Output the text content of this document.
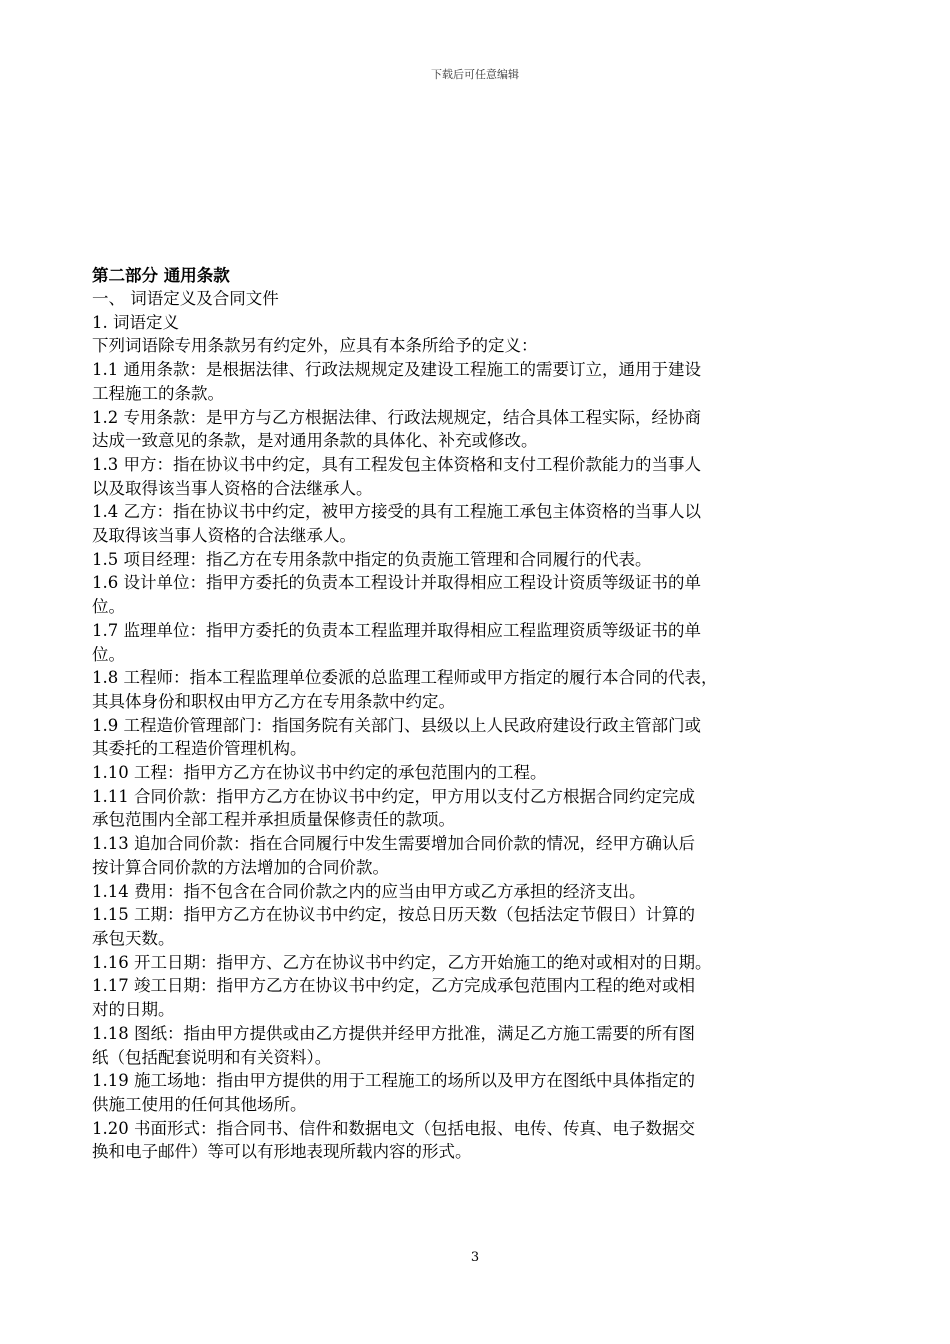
下载后可任意编辑

第二部分 通用条款

一、 词语定义及合同文件

1. 词语定义

下列词语除专用条款另有约定外，应具有本条所给予的定义：

1.1 通用条款：是根据法律、行政法规规定及建设工程施工的需要订立，通用于建设

工程施工的条款。

1.2 专用条款：是甲方与乙方根据法律、行政法规规定，结合具体工程实际，经协商

达成一致意见的条款，是对通用条款的具体化、补充或修改。

1.3 甲方：指在协议书中约定，具有工程发包主体资格和支付工程价款能力的当事人

以及取得该当事人资格的合法继承人。

1.4 乙方：指在协议书中约定，被甲方接受的具有工程施工承包主体资格的当事人以

及取得该当事人资格的合法继承人。

1.5 项目经理：指乙方在专用条款中指定的负责施工管理和合同履行的代表。

1.6 设计单位：指甲方委托的负责本工程设计并取得相应工程设计资质等级证书的单

位。

1.7 监理单位：指甲方委托的负责本工程监理并取得相应工程监理资质等级证书的单

位。

1.8 工程师：指本工程监理单位委派的总监理工程师或甲方指定的履行本合同的代表，

其具体身份和职权由甲方乙方在专用条款中约定。

1.9 工程造价管理部门：指国务院有关部门、县级以上人民政府建设行政主管部门或

其委托的工程造价管理机构。

1.10 工程：指甲方乙方在协议书中约定的承包范围内的工程。

1.11 合同价款：指甲方乙方在协议书中约定，甲方用以支付乙方根据合同约定完成

承包范围内全部工程并承担质量保修责任的款项。

1.13 追加合同价款：指在合同履行中发生需要增加合同价款的情况，经甲方确认后

按计算合同价款的方法增加的合同价款。

1.14 费用：指不包含在合同价款之内的应当由甲方或乙方承担的经济支出。

1.15 工期：指甲方乙方在协议书中约定，按总日历天数（包括法定节假日）计算的

承包天数。

1.16 开工日期：指甲方、乙方在协议书中约定，乙方开始施工的绝对或相对的日期。

1.17 竣工日期：指甲方乙方在协议书中约定，乙方完成承包范围内工程的绝对或相

对的日期。

1.18 图纸：指由甲方提供或由乙方提供并经甲方批准，满足乙方施工需要的所有图

纸（包括配套说明和有关资料）。

1.19 施工场地：指由甲方提供的用于工程施工的场所以及甲方在图纸中具体指定的

供施工使用的任何其他场所。

1.20 书面形式：指合同书、信件和数据电文（包括电报、电传、传真、电子数据交

换和电子邮件）等可以有形地表现所载内容的形式。

3
